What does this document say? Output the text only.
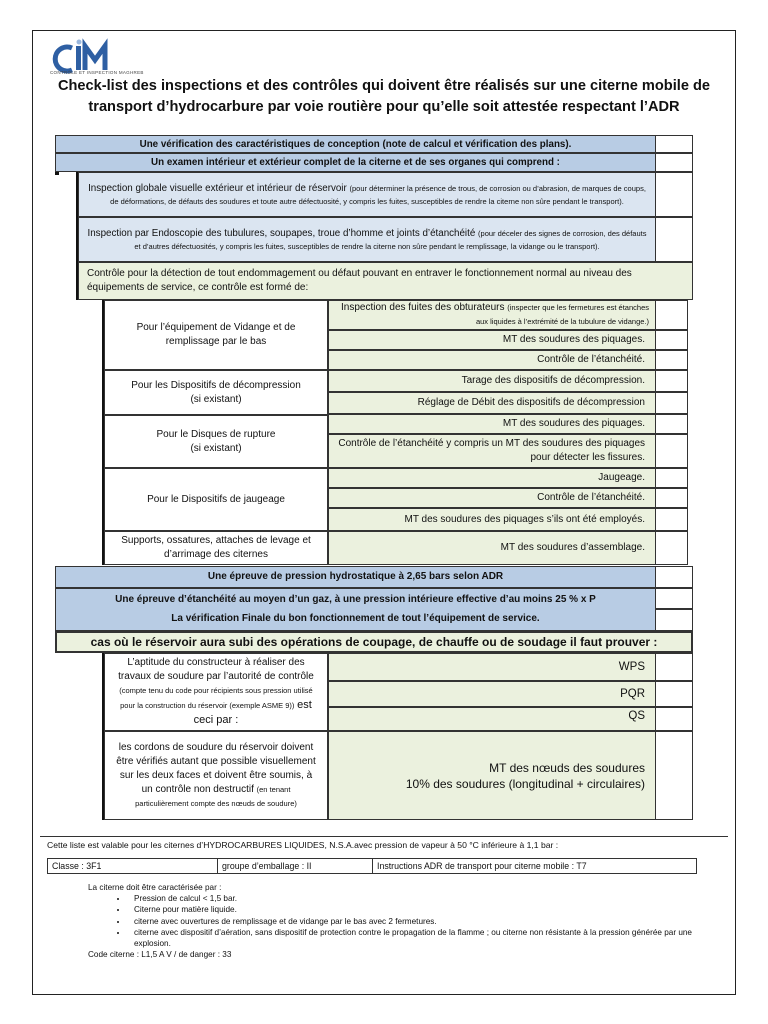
CONTRÔLE ET INSPECTION MAGHREB
Check-list des inspections et des contrôles qui doivent être réalisés sur une citerne mobile de transport d’hydrocarbure par voie routière pour qu’elle soit attestée respectant l’ADR
Une vérification des caractéristiques de conception (note de calcul et vérification des plans).
Un examen intérieur et extérieur complet de la citerne et de ses organes qui comprend :
Inspection globale visuelle extérieur et intérieur de réservoir (pour déterminer la présence de trous, de corrosion ou d’abrasion, de marques de coups, de déformations, de défauts des soudures et toute autre défectuosité, y compris les fuites, susceptibles de rendre la citerne non sûre pendant le transport).
Inspection par Endoscopie des tubulures, soupapes, troue d’homme et joints d’étanchéité (pour déceler des signes de corrosion, des défauts et d’autres défectuosités, y compris les fuites, susceptibles de rendre la citerne non sûre pendant le remplissage, la vidange ou le transport).
Contrôle pour la détection de tout endommagement ou défaut pouvant en entraver le fonctionnement normal au niveau des équipements de service, ce contrôle est formé de:
Pour l’équipement de Vidange et de remplissage par le bas
Pour les Dispositifs de décompression
(si existant)
Pour le Disques de rupture
(si existant)
Pour le Dispositifs de jaugeage
Supports, ossatures, attaches de levage et d’arrimage des citernes
Inspection des fuites des obturateurs (inspecter que les fermetures est étanches aux liquides à l’extrémité de la tubulure de vidange.)
MT des soudures des piquages.
Contrôle de l’étanchéité.
Tarage des dispositifs de décompression.
Réglage de Débit des dispositifs de décompression
MT des soudures des piquages.
Contrôle de l’étanchéité y compris un MT des soudures des piquages pour détecter les fissures.
Jaugeage.
Contrôle de l’étanchéité.
MT des soudures des piquages s’ils ont été employés.
MT des soudures d’assemblage.
Une épreuve de pression hydrostatique à 2,65 bars selon ADR
Une épreuve d’étanchéité au moyen d’un gaz, à une pression intérieure effective d’au moins 25 % x P
La vérification Finale du bon fonctionnement de tout l’équipement de service.
cas où le réservoir aura subi des opérations de coupage, de chauffe ou de soudage il faut prouver :
L’aptitude du constructeur à réaliser des travaux de soudure par l’autorité de contrôle (compte tenu du code pour récipients sous pression utilisé pour la construction du réservoir (exemple ASME 9)) est ceci par :
les cordons de soudure du réservoir doivent être vérifiés autant que possible visuellement sur les deux faces et doivent être soumis, à un contrôle non destructif (en tenant particulièrement compte des nœuds de soudure)
WPS
PQR
QS
MT des nœuds des soudures
10% des soudures (longitudinal + circulaires)
Cette liste est valable pour les citernes d’HYDROCARBURES LIQUIDES, N.S.A.avec pression de vapeur à 50 °C inférieure à 1,1 bar :
Classe : 3F1	groupe d’emballage : II	Instructions ADR de transport pour citerne mobile : T7
La citerne doit être caractérisée par :
• Pression de calcul < 1,5 bar.
• Citerne pour matière liquide.
• citerne avec ouvertures de remplissage et de vidange par le bas avec 2 fermetures.
• citerne avec dispositif d’aération, sans dispositif de protection contre le propagation de la flamme ; ou citerne non résistante à la pression générée par une explosion.
Code citerne : L1,5 A V / de danger : 33
